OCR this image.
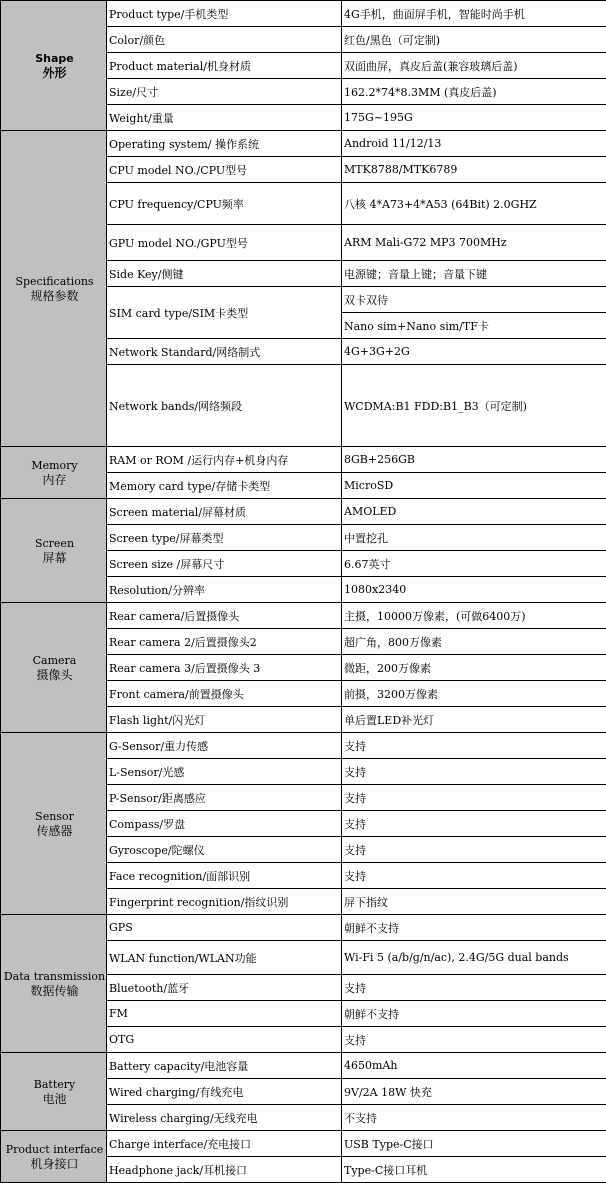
Shape
外形	Product type/手机类型	4G手机，曲面屏手机，智能时尚手机
	Color/颜色	红色/黑色（可定制)
	Product material/机身材质	双面曲屏，真皮后盖(兼容玻璃后盖)
	Size/尺寸	162.2*74*8.3MM (真皮后盖)
	Weight/重量	175G~195G

Specifications
规格参数	Operating system/ 操作系统	Android 11/12/13
	CPU model NO./CPU型号	MTK8788/MTK6789
	CPU frequency/CPU频率	八核 4*A73+4*A53 (64Bit) 2.0GHZ
	GPU model NO./GPU型号	ARM Mali-G72 MP3 700MHz
	Side Key/侧键	电源键；音量上键；音量下键
	SIM card type/SIM卡类型	双卡双待
		Nano sim+Nano sim/TF卡
	Network Standard/网络制式	4G+3G+2G
	Network bands/网络频段	WCDMA:B1 FDD:B1_B3（可定制)

Memory
内存	RAM or ROM /运行内存+机身内存	8GB+256GB
	Memory card type/存储卡类型	MicroSD

Screen
屏幕	Screen material/屏幕材质	AMOLED
	Screen type/屏幕类型	中置挖孔
	Screen size /屏幕尺寸	6.67英寸
	Resolution/分辨率	1080x2340

Camera
摄像头	Rear camera/后置摄像头	主摄，10000万像素，(可做6400万)
	Rear camera 2/后置摄像头2	超广角，800万像素
	Rear camera 3/后置摄像头 3	微距，200万像素
	Front camera/前置摄像头	前摄，3200万像素
	Flash light/闪光灯	单后置LED补光灯

Sensor
传感器	G-Sensor/重力传感	支持
	L-Sensor/光感	支持
	P-Sensor/距离感应	支持
	Compass/罗盘	支持
	Gyroscope/陀螺仪	支持
	Face recognition/面部识别	支持
	Fingerprint recognition/指纹识别	屏下指纹

Data transmission
数据传输	GPS	朝鲜不支持
	WLAN function/WLAN功能	Wi-Fi 5 (a/b/g/n/ac), 2.4G/5G dual bands
	Bluetooth/蓝牙	支持
	FM	朝鲜不支持
	OTG	支持

Battery
电池	Battery capacity/电池容量	4650mAh
	Wired charging/有线充电	9V/2A 18W 快充
	Wireless charging/无线充电	不支持

Product interface
机身接口	Charge interface/充电接口	USB Type-C接口
	Headphone jack/耳机接口	Type-C接口耳机
